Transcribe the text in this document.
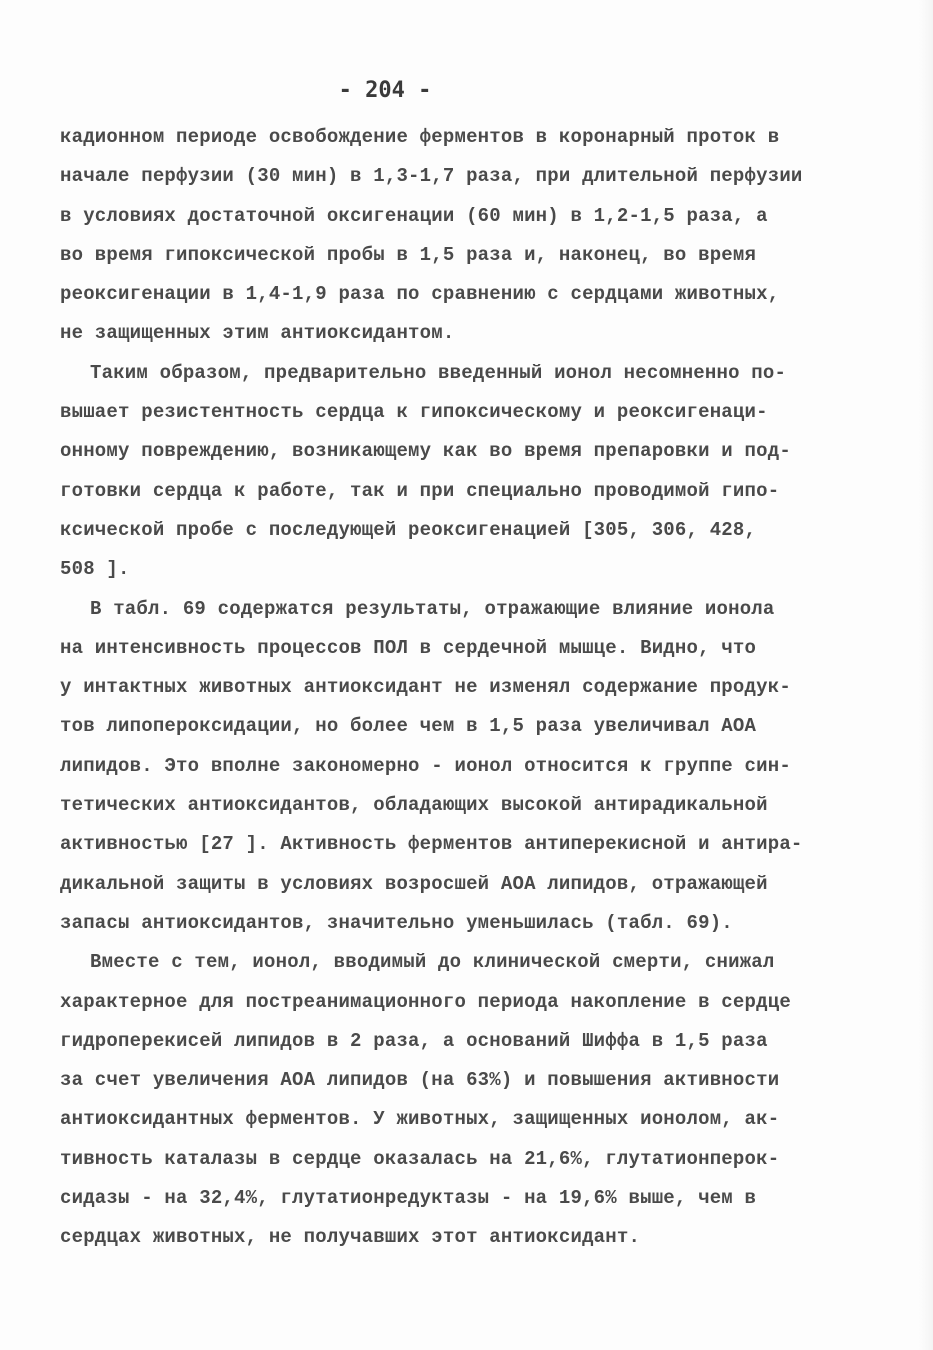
- 204 -
кадионном периоде освобождение ферментов в коронарный проток в
начале перфузии (30 мин) в 1,3-1,7 раза, при длительной перфузии
в условиях достаточной оксигенации (60 мин) в 1,2-1,5 раза, а
во время гипоксической пробы в 1,5 раза и, наконец, во время
реоксигенации в 1,4-1,9 раза по сравнению с сердцами животных,
не защищенных этим антиоксидантом.
Таким образом, предварительно введенный ионол несомненно по-
вышает резистентность сердца к гипоксическому и реоксигенаци-
онному повреждению, возникающему как во время препаровки и под-
готовки сердца к работе, так и при специально проводимой гипо-
ксической пробе с последующей реоксигенацией [305, 306, 428,
508 ].
В табл. 69 содержатся результаты, отражающие влияние ионола
на интенсивность процессов ПОЛ в сердечной мышце. Видно, что
у интактных животных антиоксидант не изменял содержание продук-
тов липопероксидации, но более чем в 1,5 раза увеличивал АОА
липидов. Это вполне закономерно - ионол относится к группе син-
тетических антиоксидантов, обладающих высокой антирадикальной
активностью [27 ]. Активность ферментов антиперекисной и антира-
дикальной защиты в условиях возросшей АОА липидов, отражающей
запасы антиоксидантов, значительно уменьшилась (табл. 69).
Вместе с тем, ионол, вводимый до клинической смерти, снижал
характерное для постреанимационного периода накопление в сердце
гидроперекисей липидов в 2 раза, а оснований Шиффа в 1,5 раза
за счет увеличения АОА липидов (на 63%) и повышения активности
антиоксидантных ферментов. У животных, защищенных ионолом, ак-
тивность каталазы в сердце оказалась на 21,6%, глутатионперок-
сидазы - на 32,4%, глутатионредуктазы - на 19,6% выше, чем в
сердцах животных, не получавших этот антиоксидант.
